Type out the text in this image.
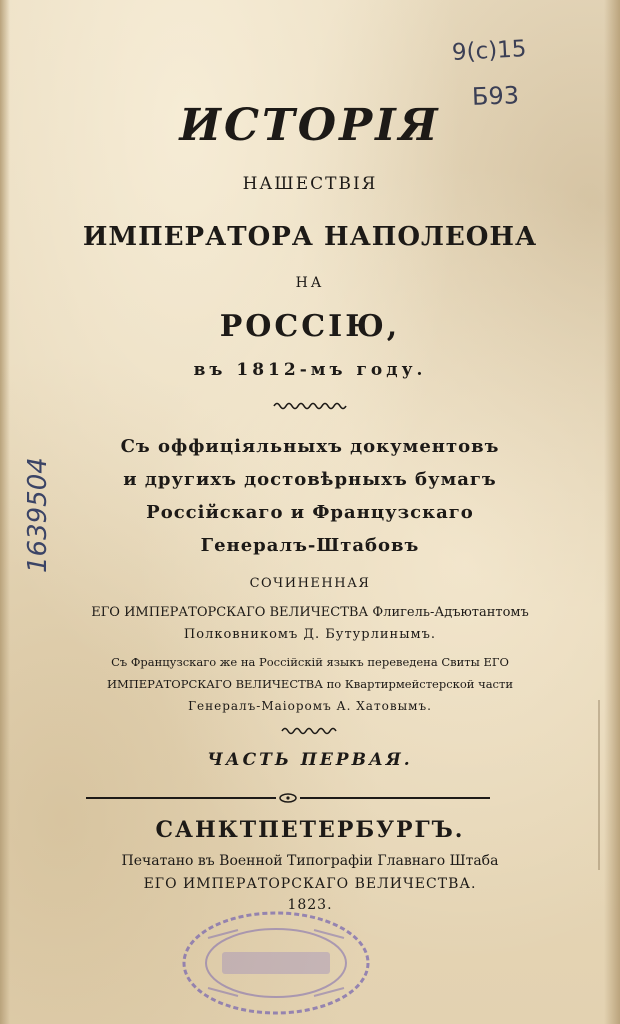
9(с)15
Б93
1639504
ИСТОРІЯ
НАШЕСТВІЯ
ИМПЕРАТОРА НАПОЛЕОНА
НА
РОССІЮ,
въ 1812-мъ году.
Съ оффиціяльныхъ документовъ
и другихъ достовѣрныхъ бумагъ
Россійскаго и Французскаго
Генералъ-Штабовъ
СОЧИНЕННАЯ
ЕГО ИМПЕРАТОРСКАГО ВЕЛИЧЕСТВА Флигель-Адъютантомъ
Полковникомъ Д. Бутурлинымъ.
Съ Французскаго же на Россійскій языкъ переведена Свиты ЕГО
ИМПЕРАТОРСКАГО ВЕЛИЧЕСТВА по Квартирмейстерской части
Генералъ-Маіоромъ А. Хатовымъ.
ЧАСТЬ ПЕРВАЯ.
САНКТПЕТЕРБУРГЪ.
Печатано въ Военной Типографіи Главнаго Штаба
ЕГО ИМПЕРАТОРСКАГО ВЕЛИЧЕСТВА.
1823.
